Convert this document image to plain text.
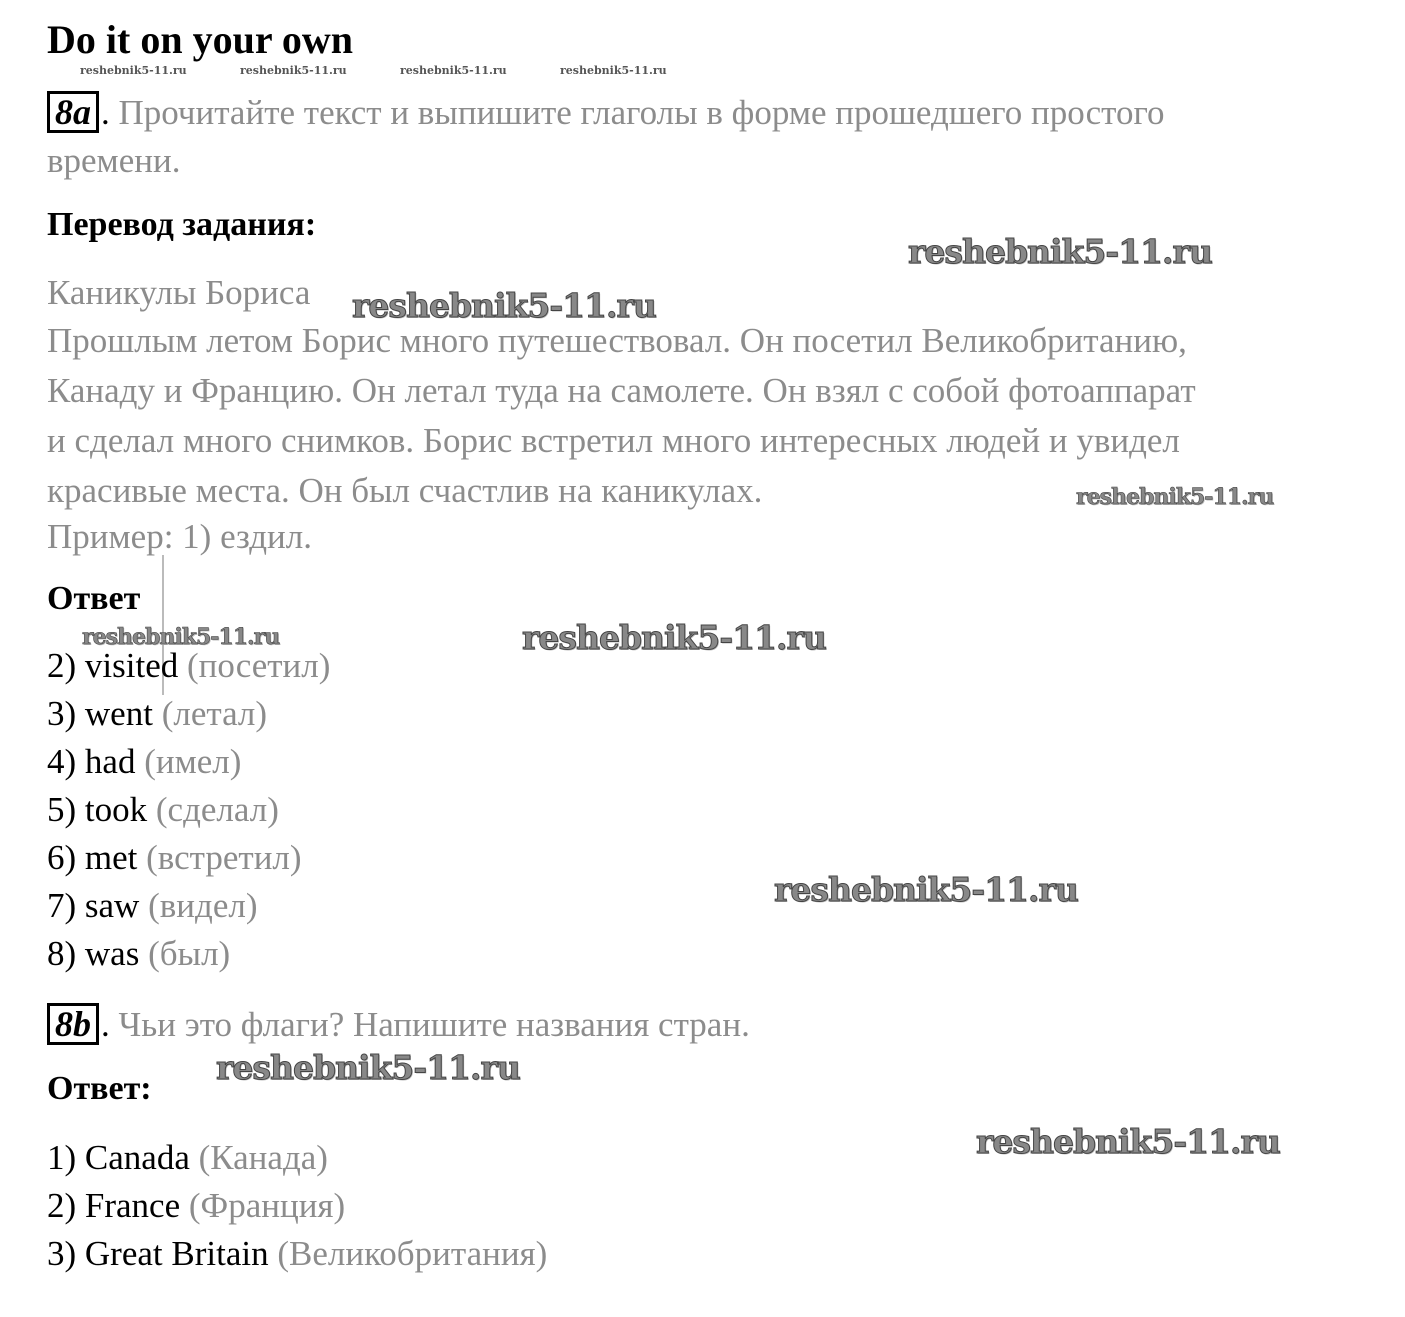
Do it on your own
reshebnik5-11.ru	reshebnik5-11.ru	reshebnik5-11.ru	reshebnik5-11.ru
8a . Прочитайте текст и выпишите глаголы в форме прошедшего простого
времени.
Перевод задания:
Каникулы Бориса
Прошлым летом Борис много путешествовал. Он посетил Великобританию,
Канаду и Францию. Он летал туда на самолете. Он взял с собой фотоаппарат
и сделал много снимков. Борис встретил много интересных людей и увидел
красивые места. Он был счастлив на каникулах.
Пример: 1) ездил.
Ответ
2) visited (посетил)
3) went (летал)
4) had (имел)
5) took (сделал)
6) met (встретил)
7) saw (видел)
8) was (был)
8b . Чьи это флаги? Напишите названия стран.
Ответ:
1) Canada (Канада)
2) France (Франция)
3) Great Britain (Великобритания)
reshebnik5-11.ru
reshebnik5-11.ru
reshebnik5-11.ru
reshebnik5-11.ru	reshebnik5-11.ru
reshebnik5-11.ru
reshebnik5-11.ru
reshebnik5-11.ru
